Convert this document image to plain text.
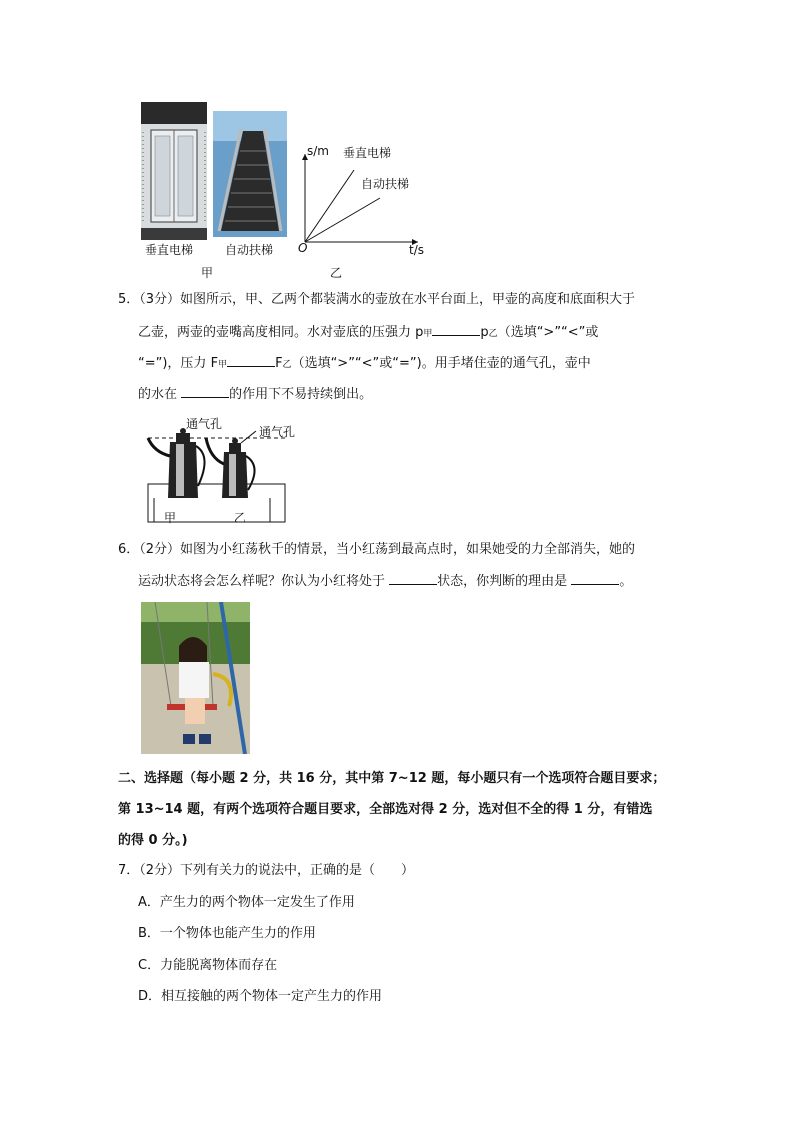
垂直电梯	自动扶梯
甲	乙
s/m 垂直电梯
自动扶梯
O	t/s
5．（3分）如图所示，甲、乙两个都装满水的壶放在水平台面上，甲壶的高度和底面积大于
乙壶，两壶的壶嘴高度相同。水对壶底的压强力 p甲	p乙（选填“>”“<”或
“=”)，压力 F甲	F乙（选填“>”“<”或“=”)。用手堵住壶的通气孔，壶中
的水在	的作用下不易持续倒出。
通气孔
通气孔
甲	乙
6．（2分）如图为小红荡秋千的情景，当小红荡到最高点时，如果她受的力全部消失，她的
运动状态将会怎么样呢？你认为小红将处于	状态，你判断的理由是	。
二、选择题（每小题 2 分，共 16 分，其中第 7~12 题，每小题只有一个选项符合题目要求；
第 13~14 题，有两个选项符合题目要求，全部选对得 2 分，选对但不全的得 1 分，有错选
的得 0 分。)
7．（2分）下列有关力的说法中，正确的是（　　）
A．产生力的两个物体一定发生了作用
B．一个物体也能产生力的作用
C．力能脱离物体而存在
D．相互接触的两个物体一定产生力的作用
